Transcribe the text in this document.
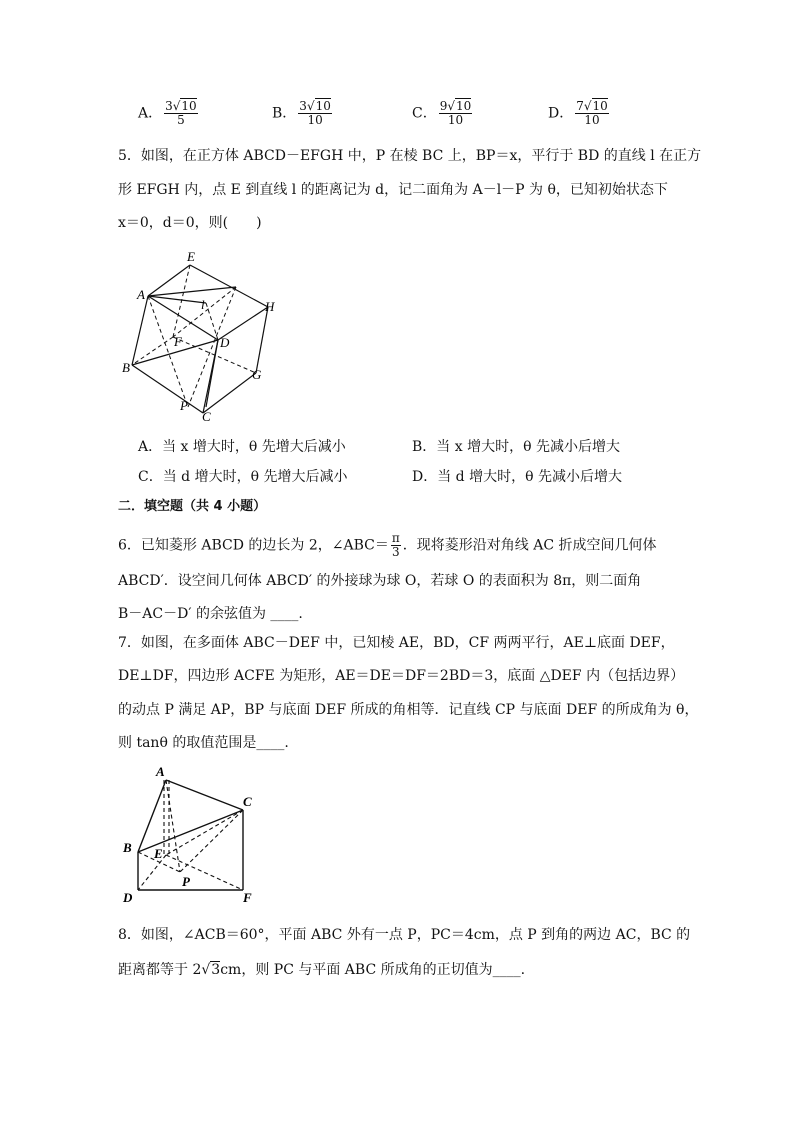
A． $\frac{3√10}{5}$	B． $\frac{3√10}{10}$	C． $\frac{9√10}{10}$	D． $\frac{7√10}{10}$
5．如图，在正方体 ABCD－EFGH 中，P 在棱 BC 上，BP＝x，平行于 BD 的直线 l 在正方
形 EFGH 内，点 E 到直线 l 的距离记为 d，记二面角为 A－l－P 为 θ，已知初始状态下
x＝0，d＝0，则(　　)
E
A
l	H
F	D
B	G
P
C
A．当 x 增大时，θ 先增大后减小	B．当 x 增大时，θ 先减小后增大
C．当 d 增大时，θ 先增大后减小	D．当 d 增大时，θ 先减小后增大
二．填空题（共 4 小题）
6．已知菱形 ABCD 的边长为 2，∠ABC＝ $\frac{\pi}{3}$ ．现将菱形沿对角线 AC 折成空间几何体
ABCD′．设空间几何体 ABCD′ 的外接球为球 O，若球 O 的表面积为 8π，则二面角
B－AC－D′ 的余弦值为 ____.
7．如图，在多面体 ABC－DEF 中，已知棱 AE，BD，CF 两两平行，AE⊥底面 DEF，
DE⊥DF，四边形 ACFE 为矩形，AE＝DE＝DF＝2BD＝3，底面 △DEF 内（包括边界）
的动点 P 满足 AP，BP 与底面 DEF 所成的角相等．记直线 CP 与底面 DEF 的所成角为 θ，
则 tanθ 的取值范围是____.
A
C
B E
P
D	F
8．如图，∠ACB＝60°，平面 ABC 外有一点 P，PC＝4cm，点 P 到角的两边 AC，BC 的
距离都等于 2√3cm，则 PC 与平面 ABC 所成角的正切值为____.
